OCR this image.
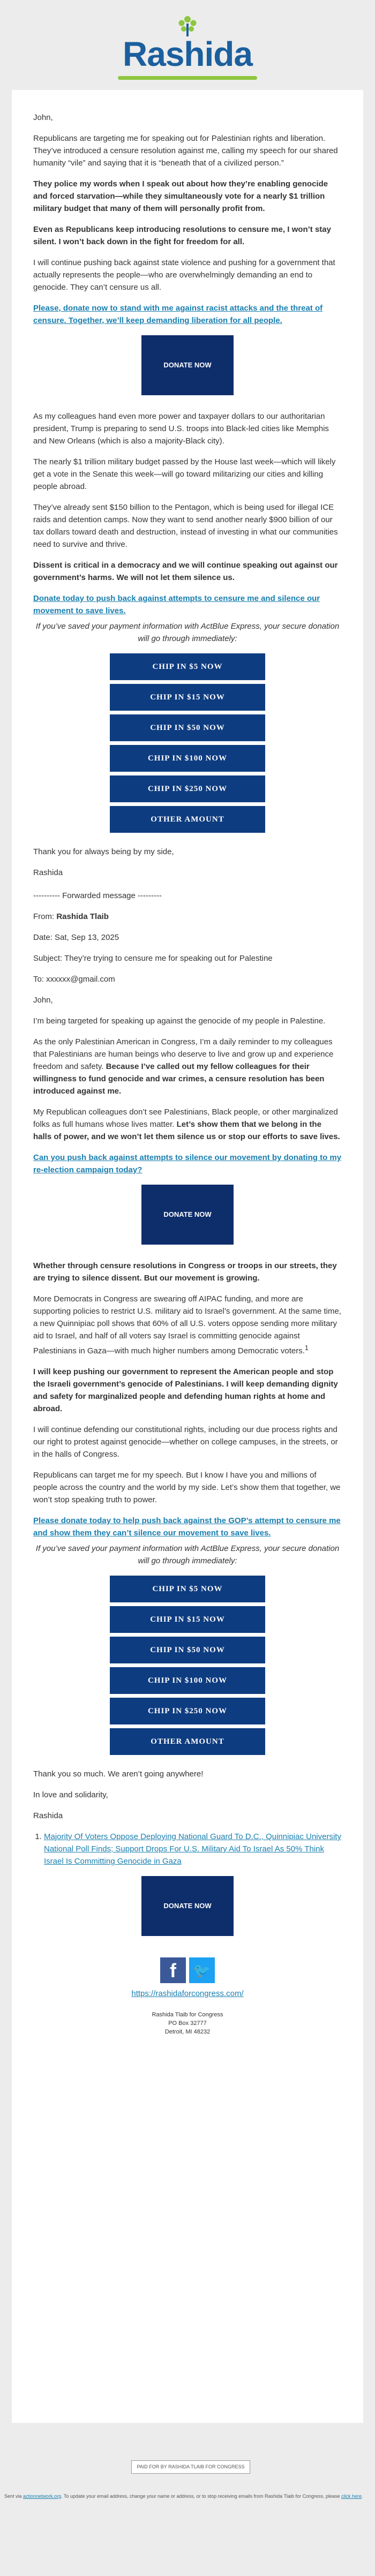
Rashida

John,

Republicans are targeting me for speaking out for Palestinian rights and liberation. They’ve introduced a censure resolution against me, calling my speech for our shared humanity “vile” and saying that it is “beneath that of a civilized person.”

They police my words when I speak out about how they’re enabling genocide and forced starvation—while they simultaneously vote for a nearly $1 trillion military budget that many of them will personally profit from.

Even as Republicans keep introducing resolutions to censure me, I won’t stay silent. I won’t back down in the fight for freedom for all.

I will continue pushing back against state violence and pushing for a government that actually represents the people—who are overwhelmingly demanding an end to genocide. They can’t censure us all.

Please, donate now to stand with me against racist attacks and the threat of censure. Together, we’ll keep demanding liberation for all people.

DONATE NOW

As my colleagues hand even more power and taxpayer dollars to our authoritarian president, Trump is preparing to send U.S. troops into Black-led cities like Memphis and New Orleans (which is also a majority-Black city).

The nearly $1 trillion military budget passed by the House last week—which will likely get a vote in the Senate this week—will go toward militarizing our cities and killing people abroad.

They’ve already sent $150 billion to the Pentagon, which is being used for illegal ICE raids and detention camps. Now they want to send another nearly $900 billion of our tax dollars toward death and destruction, instead of investing in what our communities need to survive and thrive.

Dissent is critical in a democracy and we will continue speaking out against our government’s harms. We will not let them silence us.

Donate today to push back against attempts to censure me and silence our movement to save lives.

If you’ve saved your payment information with ActBlue Express, your secure donation will go through immediately:

CHIP IN $5 NOW
CHIP IN $15 NOW
CHIP IN $50 NOW
CHIP IN $100 NOW
CHIP IN $250 NOW
OTHER AMOUNT

Thank you for always being by my side,

Rashida

---------- Forwarded message ---------

From: Rashida Tlaib

Date: Sat, Sep 13, 2025

Subject: They’re trying to censure me for speaking out for Palestine

To: xxxxxx@gmail.com

John,

I’m being targeted for speaking up against the genocide of my people in Palestine.

As the only Palestinian American in Congress, I’m a daily reminder to my colleagues that Palestinians are human beings who deserve to live and grow up and experience freedom and safety. Because I’ve called out my fellow colleagues for their willingness to fund genocide and war crimes, a censure resolution has been introduced against me.

My Republican colleagues don’t see Palestinians, Black people, or other marginalized folks as full humans whose lives matter. Let’s show them that we belong in the halls of power, and we won’t let them silence us or stop our efforts to save lives.

Can you push back against attempts to silence our movement by donating to my re-election campaign today?

DONATE NOW

Whether through censure resolutions in Congress or troops in our streets, they are trying to silence dissent. But our movement is growing.

More Democrats in Congress are swearing off AIPAC funding, and more are supporting policies to restrict U.S. military aid to Israel’s government. At the same time, a new Quinnipiac poll shows that 60% of all U.S. voters oppose sending more military aid to Israel, and half of all voters say Israel is committing genocide against Palestinians in Gaza—with much higher numbers among Democratic voters.$^1$

I will keep pushing our government to represent the American people and stop the Israeli government’s genocide of Palestinians. I will keep demanding dignity and safety for marginalized people and defending human rights at home and abroad.

I will continue defending our constitutional rights, including our due process rights and our right to protest against genocide—whether on college campuses, in the streets, or in the halls of Congress.

Republicans can target me for my speech. But I know I have you and millions of people across the country and the world by my side. Let’s show them that together, we won’t stop speaking truth to power.

Please donate today to help push back against the GOP’s attempt to censure me and show them they can’t silence our movement to save lives.

If you’ve saved your payment information with ActBlue Express, your secure donation will go through immediately:

CHIP IN $5 NOW
CHIP IN $15 NOW
CHIP IN $50 NOW
CHIP IN $100 NOW
CHIP IN $250 NOW
OTHER AMOUNT

Thank you so much. We aren’t going anywhere!

In love and solidarity,

Rashida

1. Majority Of Voters Oppose Deploying National Guard To D.C., Quinnipiac University National Poll Finds; Support Drops For U.S. Military Aid To Israel As 50% Think Israel Is Committing Genocide in Gaza
DONATE NOW
f	🐦

https://rashidaforcongress.com/

Rashida Tlaib for Congress
PO Box 32777
Detroit, MI 48232
PAID FOR BY RASHIDA TLAIB FOR CONGRESS
Sent via actionnetwork.org. To update your email address, change your name or address, or to stop receiving emails from Rashida Tlaib for Congress, please click here.
